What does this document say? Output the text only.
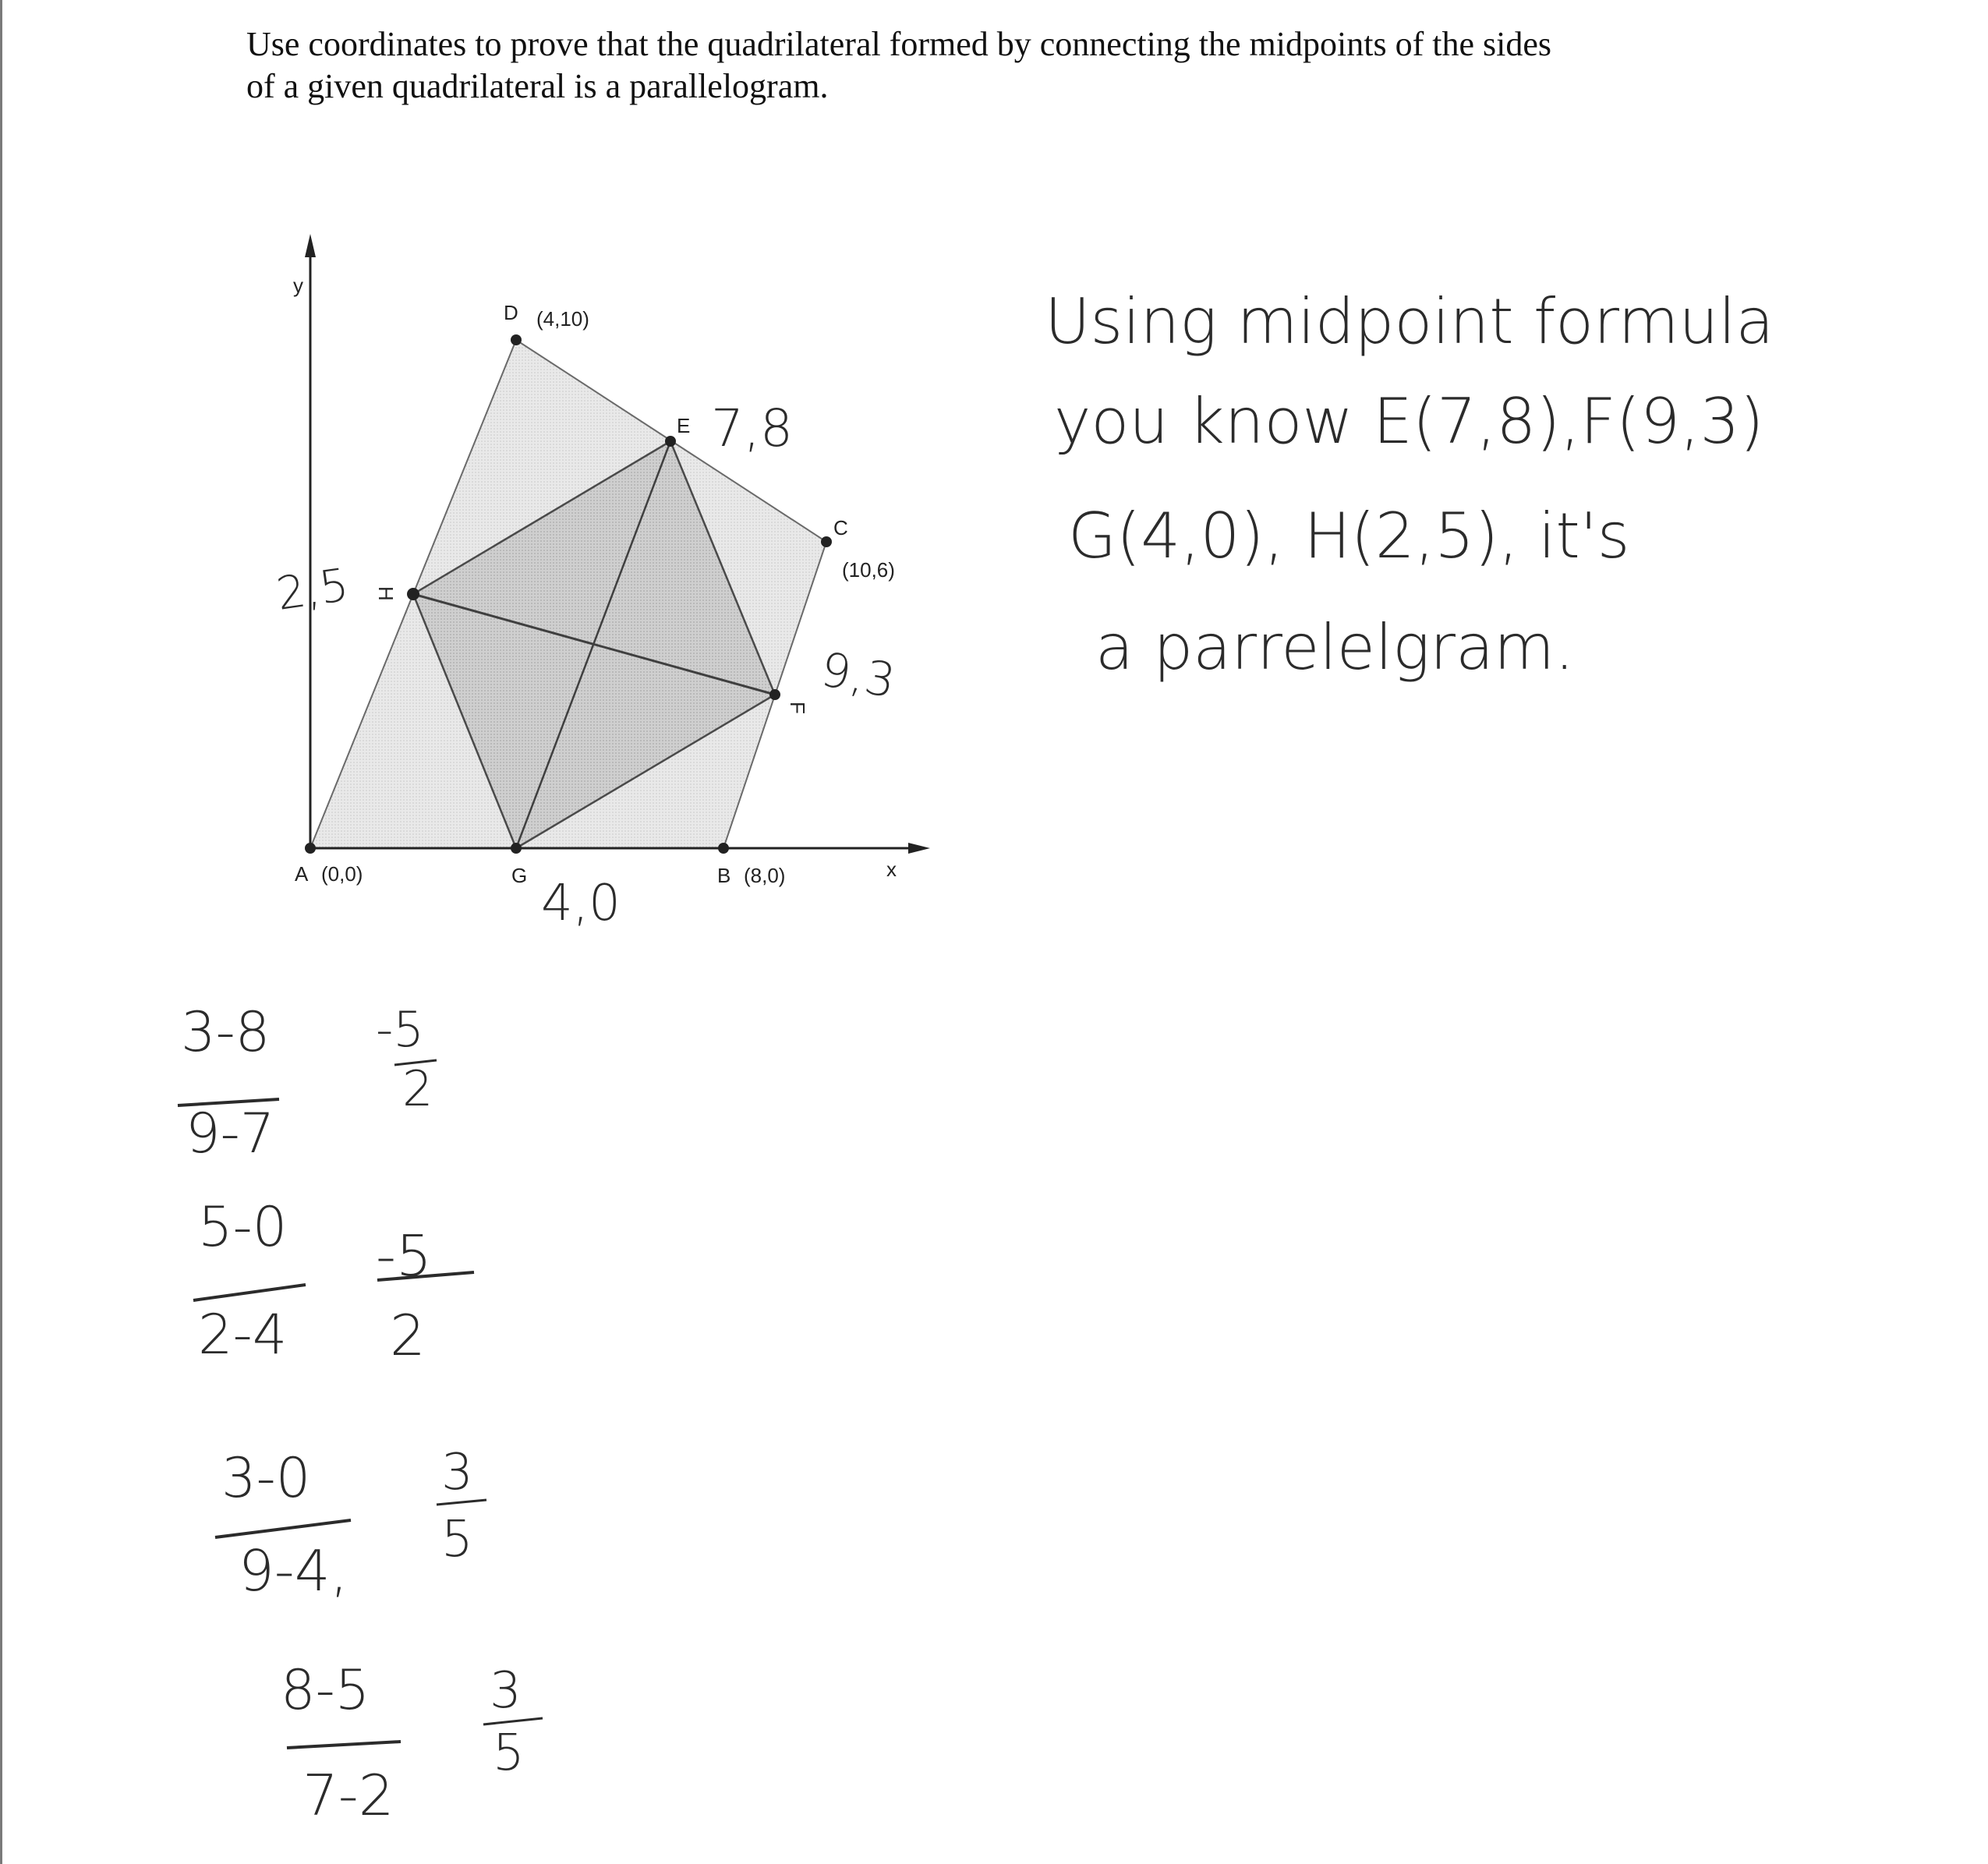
Use coordinates to prove that the quadrilateral formed by connecting the midpoints of the sides
of a given quadrilateral is a parallelogram.
y
x
A (0,0)	B (8,0)
C
(10,6)
D (4,10)
E
F
G
H
7,8
9,3
4,0
2,5
Using midpoint formula
you know E(7,8),F(9,3)
G(4,0), H(2,5), it's
a parrelelgram.
3-8
9-7
-5
2
5-0
2-4
-5
2
3-0
9-4,
3
5
8-5
7-2
3
5
